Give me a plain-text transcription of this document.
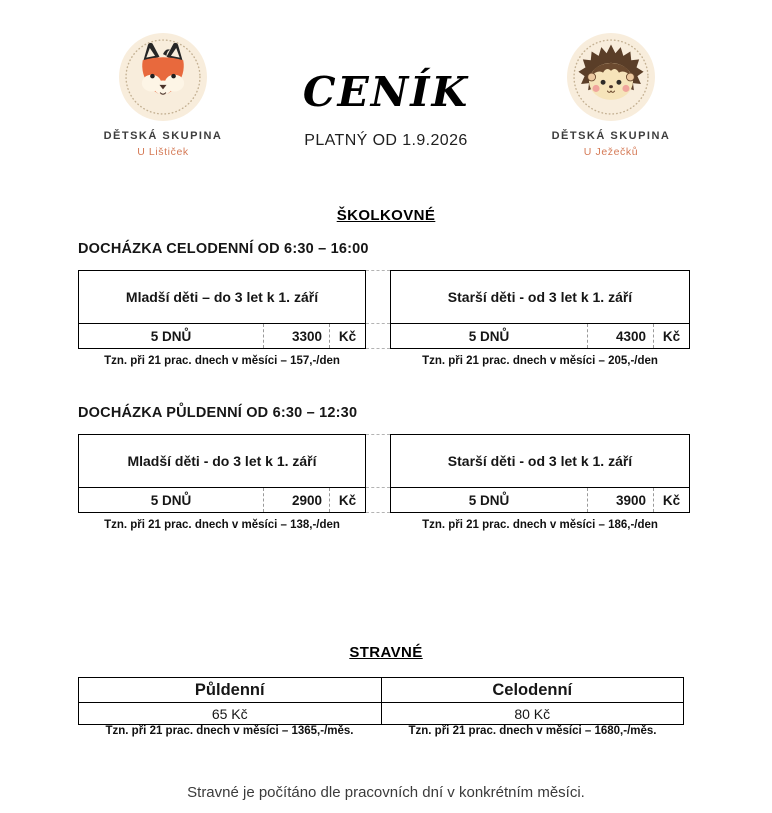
DĚTSKÁ SKUPINA
U Lištiček
CENÍK
PLATNÝ OD 1.9.2026	DĚTSKÁ SKUPINA
U Ježečků
ŠKOLKOVNÉ
DOCHÁZKA CELODENNÍ OD 6:30 – 16:00
Mladší děti – do 3 let k 1. září
5 DNŮ	3300	Kč
Starší děti - od 3 let k 1. září
5 DNŮ	4300	Kč
Tzn. při 21 prac. dnech v měsíci – 157,-/den	Tzn. při 21 prac. dnech v měsíci – 205,-/den
DOCHÁZKA PŮLDENNÍ OD 6:30 – 12:30
Mladší děti - do 3 let k 1. září
5 DNŮ	2900	Kč
Starší děti - od 3 let k 1. září
5 DNŮ	3900	Kč
Tzn. při 21 prac. dnech v měsíci – 138,-/den	Tzn. při 21 prac. dnech v měsíci – 186,-/den
STRAVNÉ
Půldenní	Celodenní
65 Kč	80 Kč
Tzn. při 21 prac. dnech v měsíci – 1365,-/měs.	Tzn. při 21 prac. dnech v měsíci – 1680,-/měs.
Stravné je počítáno dle pracovních dní v konkrétním měsíci.
